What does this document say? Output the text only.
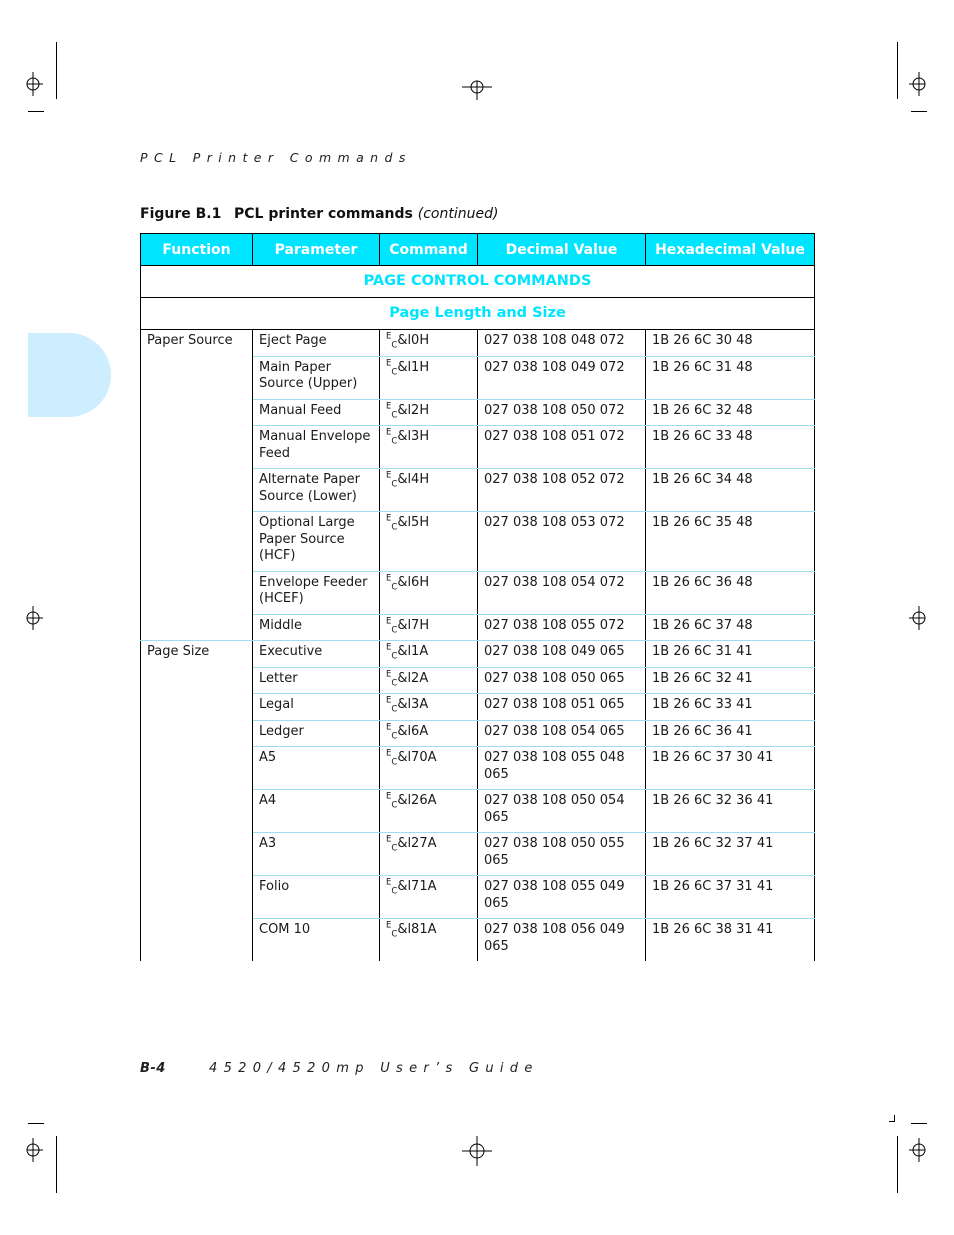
PCL Printer Commands
Figure B.1 PCL printer commands (continued)
Function	Parameter	Command	Decimal Value	Hexadecimal Value
PAGE CONTROL COMMANDS				
Page Length and Size				
Paper Source	Eject Page	$^E_C$&l0H	027 038 108 048 072	1B 26 6C 30 48
	Main Paper Source (Upper)	$^E_C$&l1H	027 038 108 049 072	1B 26 6C 31 48
	Manual Feed	$^E_C$&l2H	027 038 108 050 072	1B 26 6C 32 48
	Manual Envelope Feed	$^E_C$&l3H	027 038 108 051 072	1B 26 6C 33 48
	Alternate Paper Source (Lower)	$^E_C$&l4H	027 038 108 052 072	1B 26 6C 34 48
	Optional Large Paper Source (HCF)	$^E_C$&l5H	027 038 108 053 072	1B 26 6C 35 48
	Envelope Feeder (HCEF)	$^E_C$&l6H	027 038 108 054 072	1B 26 6C 36 48
	Middle	$^E_C$&l7H	027 038 108 055 072	1B 26 6C 37 48
Page Size	Executive	$^E_C$&l1A	027 038 108 049 065	1B 26 6C 31 41
	Letter	$^E_C$&l2A	027 038 108 050 065	1B 26 6C 32 41
	Legal	$^E_C$&l3A	027 038 108 051 065	1B 26 6C 33 41
	Ledger	$^E_C$&l6A	027 038 108 054 065	1B 26 6C 36 41
	A5	$^E_C$&l70A	027 038 108 055 048 065	1B 26 6C 37 30 41
	A4	$^E_C$&l26A	027 038 108 050 054 065	1B 26 6C 32 36 41
	A3	$^E_C$&l27A	027 038 108 050 055 065	1B 26 6C 32 37 41
	Folio	$^E_C$&l71A	027 038 108 055 049 065	1B 26 6C 37 31 41
	COM 10	$^E_C$&l81A	027 038 108 056 049 065	1B 26 6C 38 31 41
B-4	4520/4520mp User’s Guide
